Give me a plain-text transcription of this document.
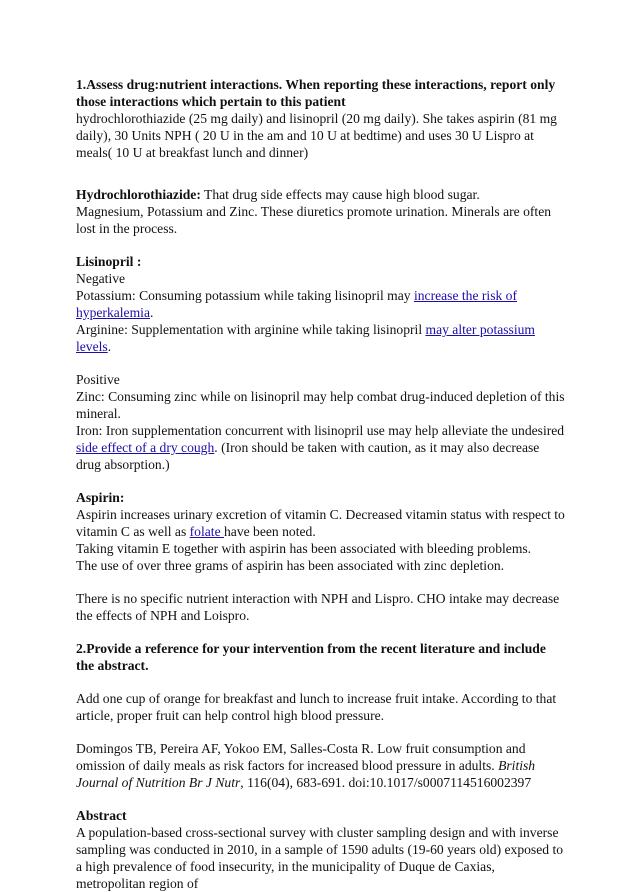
1.Assess drug:nutrient interactions. When reporting these interactions, report only those interactions which pertain to this patient

hydrochlorothiazide (25 mg daily) and lisinopril (20 mg daily). She takes aspirin (81 mg daily), 30 Units NPH ( 20 U in the am and 10 U at bedtime) and uses 30 U Lispro at meals( 10 U at breakfast lunch and dinner)

Hydrochlorothiazide: That drug side effects may cause high blood sugar.

Magnesium, Potassium and Zinc. These diuretics promote urination. Minerals are often lost in the process.

Lisinopril :

Negative

Potassium: Consuming potassium while taking lisinopril may increase the risk of hyperkalemia.

Arginine: Supplementation with arginine while taking lisinopril may alter potassium levels.

Positive

Zinc: Consuming zinc while on lisinopril may help combat drug-induced depletion of this mineral.

Iron: Iron supplementation concurrent with lisinopril use may help alleviate the undesired side effect of a dry cough. (Iron should be taken with caution, as it may also decrease drug absorption.)

Aspirin:

Aspirin increases urinary excretion of vitamin C. Decreased vitamin status with respect to vitamin C as well as folate have been noted.

Taking vitamin E together with aspirin has been associated with bleeding problems.

The use of over three grams of aspirin has been associated with zinc depletion.

There is no specific nutrient interaction with NPH and Lispro. CHO intake may decrease the effects of NPH and Loispro.

2.Provide a reference for your intervention from the recent literature and include the abstract.

Add one cup of orange for breakfast and lunch to increase fruit intake. According to that article, proper fruit can help control high blood pressure.

Domingos TB, Pereira AF, Yokoo EM, Salles-Costa R. Low fruit consumption and omission of daily meals as risk factors for increased blood pressure in adults. British Journal of Nutrition Br J Nutr, 116(04), 683-691. doi:10.1017/s0007114516002397

Abstract

A population-based cross-sectional survey with cluster sampling design and with inverse sampling was conducted in 2010, in a sample of 1590 adults (19-60 years old) exposed to a high prevalence of food insecurity, in the municipality of Duque de Caxias, metropolitan region of
